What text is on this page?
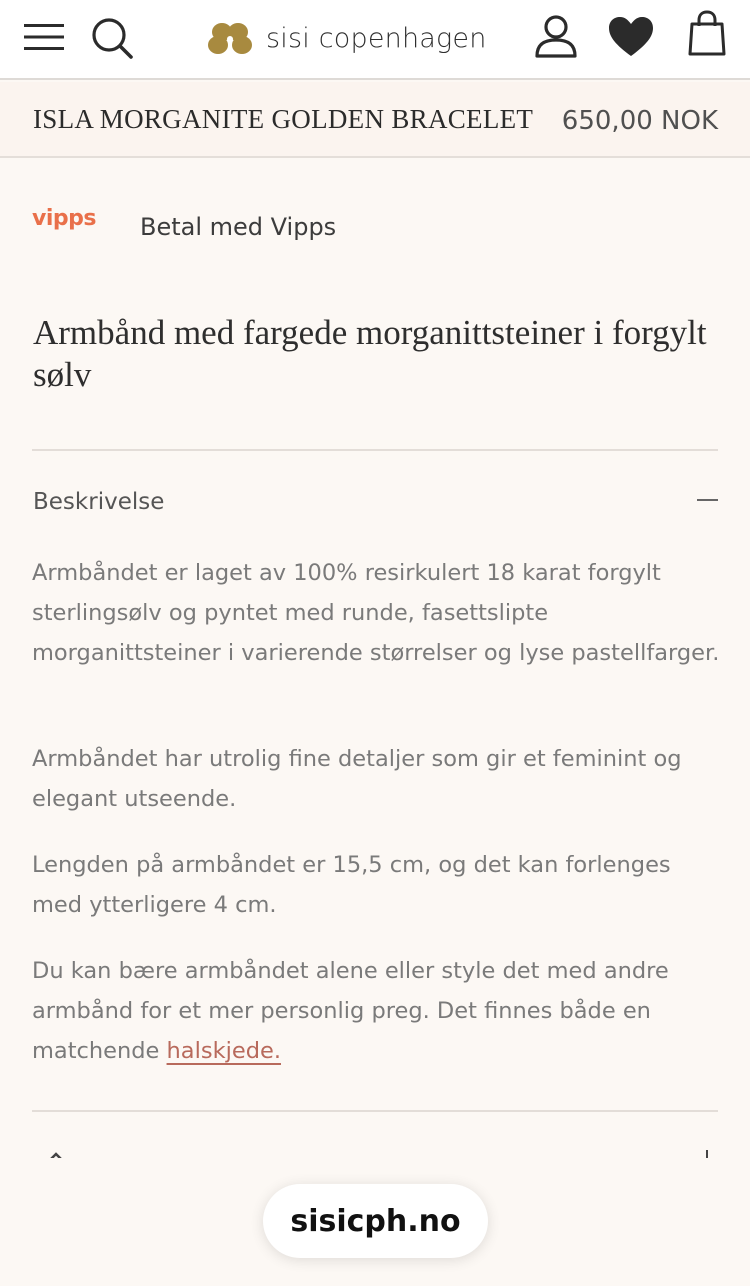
sisi copenhagen
ISLA MORGANITE GOLDEN BRACELET 650,00 NOK
vipps Betal med Vipps
Armbånd med fargede morganittsteiner i forgylt sølv
Beskrivelse

Armbåndet er laget av 100% resirkulert 18 karat forgylt sterlingsølv og pyntet med runde, fasettslipte morganittsteiner i varierende størrelser og lyse pastellfarger.

Armbåndet har utrolig fine detaljer som gir et feminint og elegant utseende.

Lengden på armbåndet er 15,5 cm, og det kan forlenges med ytterligere 4 cm.

Du kan bære armbåndet alene eller style det med andre armbånd for et mer personlig preg. Det finnes både en matchende halskjede.

sisicph.no
